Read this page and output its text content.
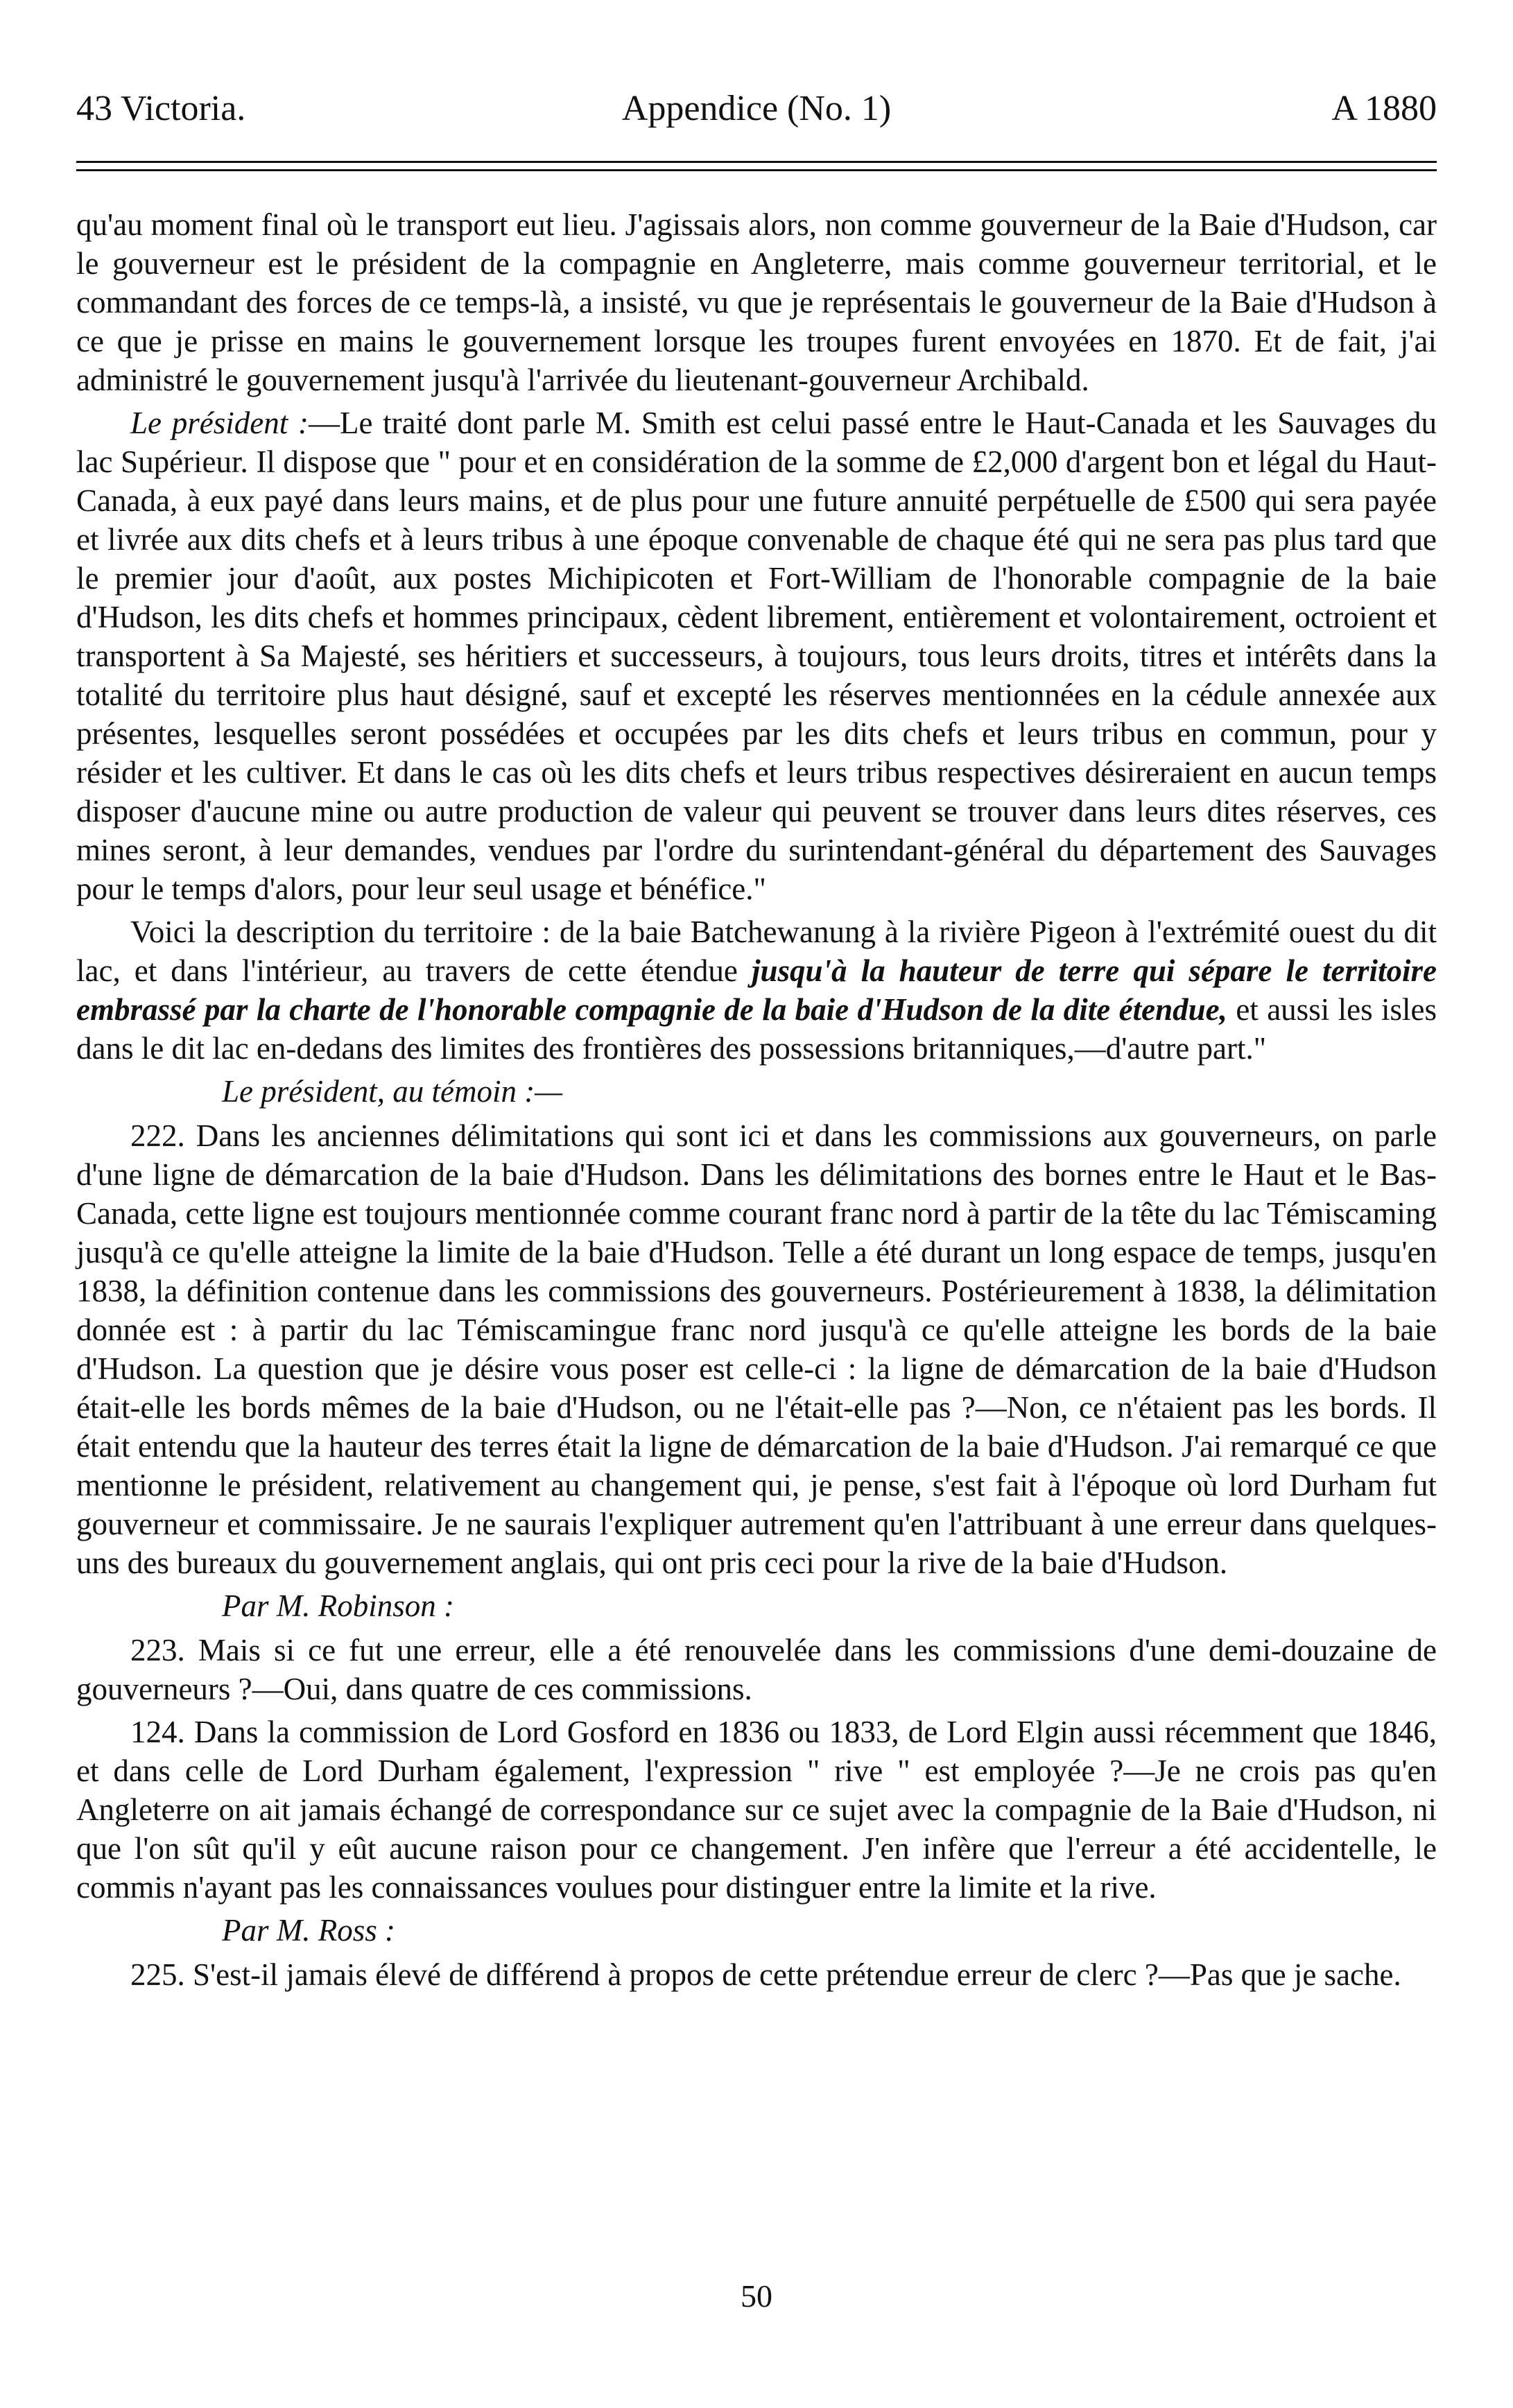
43 Victoria.	Appendice (No. 1)	A 1880

qu'au moment final où le transport eut lieu. J'agissais alors, non comme gouverneur de la Baie d'Hudson, car le gouverneur est le président de la compagnie en Angleterre, mais comme gouverneur territorial, et le commandant des forces de ce temps-là, a insisté, vu que je représentais le gouverneur de la Baie d'Hudson à ce que je prisse en mains le gouvernement lorsque les troupes furent envoyées en 1870. Et de fait, j'ai administré le gouvernement jusqu'à l'arrivée du lieutenant-gouverneur Archibald.

Le président :—Le traité dont parle M. Smith est celui passé entre le Haut-Canada et les Sauvages du lac Supérieur. Il dispose que " pour et en considération de la somme de £2,000 d'argent bon et légal du Haut-Canada, à eux payé dans leurs mains, et de plus pour une future annuité perpétuelle de £500 qui sera payée et livrée aux dits chefs et à leurs tribus à une époque convenable de chaque été qui ne sera pas plus tard que le premier jour d'août, aux postes Michipicoten et Fort-William de l'honorable compagnie de la baie d'Hudson, les dits chefs et hommes principaux, cèdent librement, entièrement et volontairement, octroient et transportent à Sa Majesté, ses héritiers et successeurs, à toujours, tous leurs droits, titres et intérêts dans la totalité du territoire plus haut désigné, sauf et excepté les réserves mentionnées en la cédule annexée aux présentes, lesquelles seront possédées et occupées par les dits chefs et leurs tribus en commun, pour y résider et les cultiver. Et dans le cas où les dits chefs et leurs tribus respectives désireraient en aucun temps disposer d'aucune mine ou autre production de valeur qui peuvent se trouver dans leurs dites réserves, ces mines seront, à leur demandes, vendues par l'ordre du surintendant-général du département des Sauvages pour le temps d'alors, pour leur seul usage et bénéfice."

Voici la description du territoire : de la baie Batchewanung à la rivière Pigeon à l'extrémité ouest du dit lac, et dans l'intérieur, au travers de cette étendue jusqu'à la hauteur de terre qui sépare le territoire embrassé par la charte de l'honorable compagnie de la baie d'Hudson de la dite étendue, et aussi les isles dans le dit lac en-dedans des limites des frontières des possessions britanniques,—d'autre part."

Le président, au témoin :—

222. Dans les anciennes délimitations qui sont ici et dans les commissions aux gouverneurs, on parle d'une ligne de démarcation de la baie d'Hudson. Dans les délimitations des bornes entre le Haut et le Bas-Canada, cette ligne est toujours mentionnée comme courant franc nord à partir de la tête du lac Témiscaming jusqu'à ce qu'elle atteigne la limite de la baie d'Hudson. Telle a été durant un long espace de temps, jusqu'en 1838, la définition contenue dans les commissions des gouverneurs. Postérieurement à 1838, la délimitation donnée est : à partir du lac Témiscamingue franc nord jusqu'à ce qu'elle atteigne les bords de la baie d'Hudson. La question que je désire vous poser est celle-ci : la ligne de démarcation de la baie d'Hudson était-elle les bords mêmes de la baie d'Hudson, ou ne l'était-elle pas ?—Non, ce n'étaient pas les bords. Il était entendu que la hauteur des terres était la ligne de démarcation de la baie d'Hudson. J'ai remarqué ce que mentionne le président, relativement au changement qui, je pense, s'est fait à l'époque où lord Durham fut gouverneur et commissaire. Je ne saurais l'expliquer autrement qu'en l'attribuant à une erreur dans quelques-uns des bureaux du gouvernement anglais, qui ont pris ceci pour la rive de la baie d'Hudson.

Par M. Robinson :

223. Mais si ce fut une erreur, elle a été renouvelée dans les commissions d'une demi-douzaine de gouverneurs ?—Oui, dans quatre de ces commissions.

124. Dans la commission de Lord Gosford en 1836 ou 1833, de Lord Elgin aussi récemment que 1846, et dans celle de Lord Durham également, l'expression " rive " est employée ?—Je ne crois pas qu'en Angleterre on ait jamais échangé de correspondance sur ce sujet avec la compagnie de la Baie d'Hudson, ni que l'on sût qu'il y eût aucune raison pour ce changement. J'en infère que l'erreur a été accidentelle, le commis n'ayant pas les connaissances voulues pour distinguer entre la limite et la rive.

Par M. Ross :

225. S'est-il jamais élevé de différend à propos de cette prétendue erreur de clerc ?—Pas que je sache.

50
